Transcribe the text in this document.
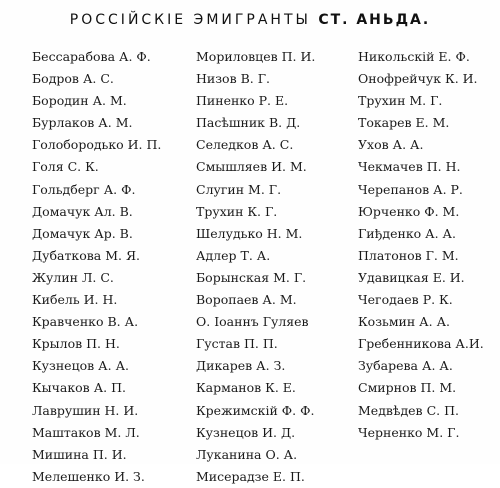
РОССІЙСКІЕ ЭМИГРАНТЫ СТ. АНЬДА.
Бессарабова А. Ф.
Бодров А. С.
Бородин А. М.
Бурлаков А. М.
Голобородько И. П.
Голя С. К.
Гольдберг А. Ф.
Домачук Ал. В.
Домачук Ар. В.
Дубаткова М. Я.
Жулин Л. С.
Кибель И. Н.
Кравченко В. А.
Крылов П. Н.
Кузнецов А. А.
Кычаков А. П.
Лаврушин Н. И.
Маштаков М. Л.
Мишина П. И.
Мелешенко И. З.
Мориловцев П. И.
Низов В. Г.
Пиненко Р. Е.
Пасѣшник В. Д.
Селедков А. С.
Смышляев И. М.
Слугин М. Г.
Трухин К. Г.
Шелудько Н. М.
Адлер Т. А.
Борынская М. Г.
Воропаев А. М.
О. Іоаннъ Гуляев
Густав П. П.
Дикарев А. З.
Карманов К. Е.
Крежимскій Ф. Ф.
Кузнецов И. Д.
Луканина О. А.
Мисерадзе Е. П.
Никольскій Е. Ф.
Онофрейчук К. И.
Трухин М. Г.
Токарев Е. М.
Ухов А. А.
Чекмачев П. Н.
Черепанов А. Р.
Юрченко Ф. М.
Гиђденко А. А.
Платонов Г. М.
Удавицкая Е. И.
Чегодаев Р. К.
Козьмин А. А.
Гребенникова А.И.
Зубарева А. А.
Смирнов П. М.
Медвѣдев С. П.
Черненко М. Г.
